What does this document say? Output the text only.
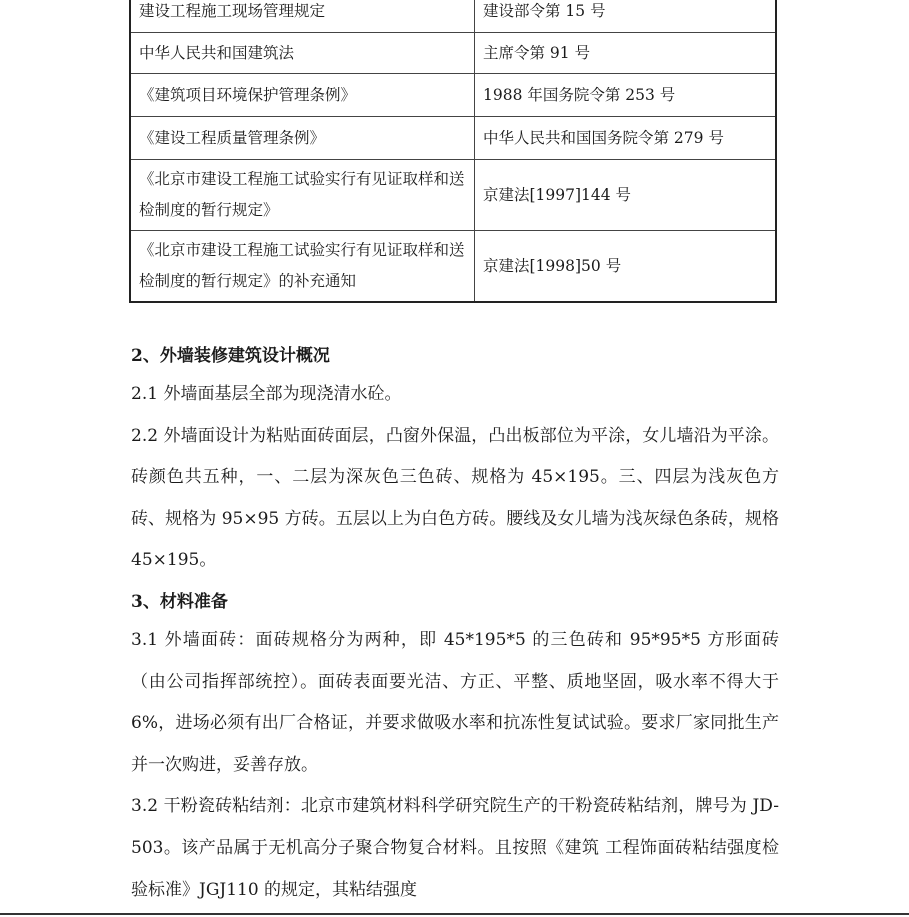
建设工程施工现场管理规定	建设部令第 15 号
中华人民共和国建筑法	主席令第 91 号
《建筑项目环境保护管理条例》	1988 年国务院令第 253 号
《建设工程质量管理条例》	中华人民共和国国务院令第 279 号
《北京市建设工程施工试验实行有见证取样和送检制度的暂行规定》	京建法[1997]144 号
《北京市建设工程施工试验实行有见证取样和送检制度的暂行规定》的补充通知	京建法[1998]50 号
2、外墙装修建筑设计概况
2.1 外墙面基层全部为现浇清水砼。
2.2 外墙面设计为粘贴面砖面层，凸窗外保温，凸出板部位为平涂，女儿墙沿为平涂。砖颜色共五种，一、二层为深灰色三色砖、规格为 45×195。三、四层为浅灰色方砖、规格为 95×95 方砖。五层以上为白色方砖。腰线及女儿墙为浅灰绿色条砖，规格 45×195。
3、材料准备
3.1 外墙面砖：面砖规格分为两种，即 45*195*5 的三色砖和 95*95*5 方形面砖（由公司指挥部统控）。面砖表面要光洁、方正、平整、质地坚固，吸水率不得大于 6%，进场必须有出厂合格证，并要求做吸水率和抗冻性复试试验。要求厂家同批生产并一次购进，妥善存放。
3.2 干粉瓷砖粘结剂：北京市建筑材料科学研究院生产的干粉瓷砖粘结剂，牌号为 JD-503。该产品属于无机高分子聚合物复合材料。且按照《建筑 工程饰面砖粘结强度检验标准》JGJ110 的规定，其粘结强度
